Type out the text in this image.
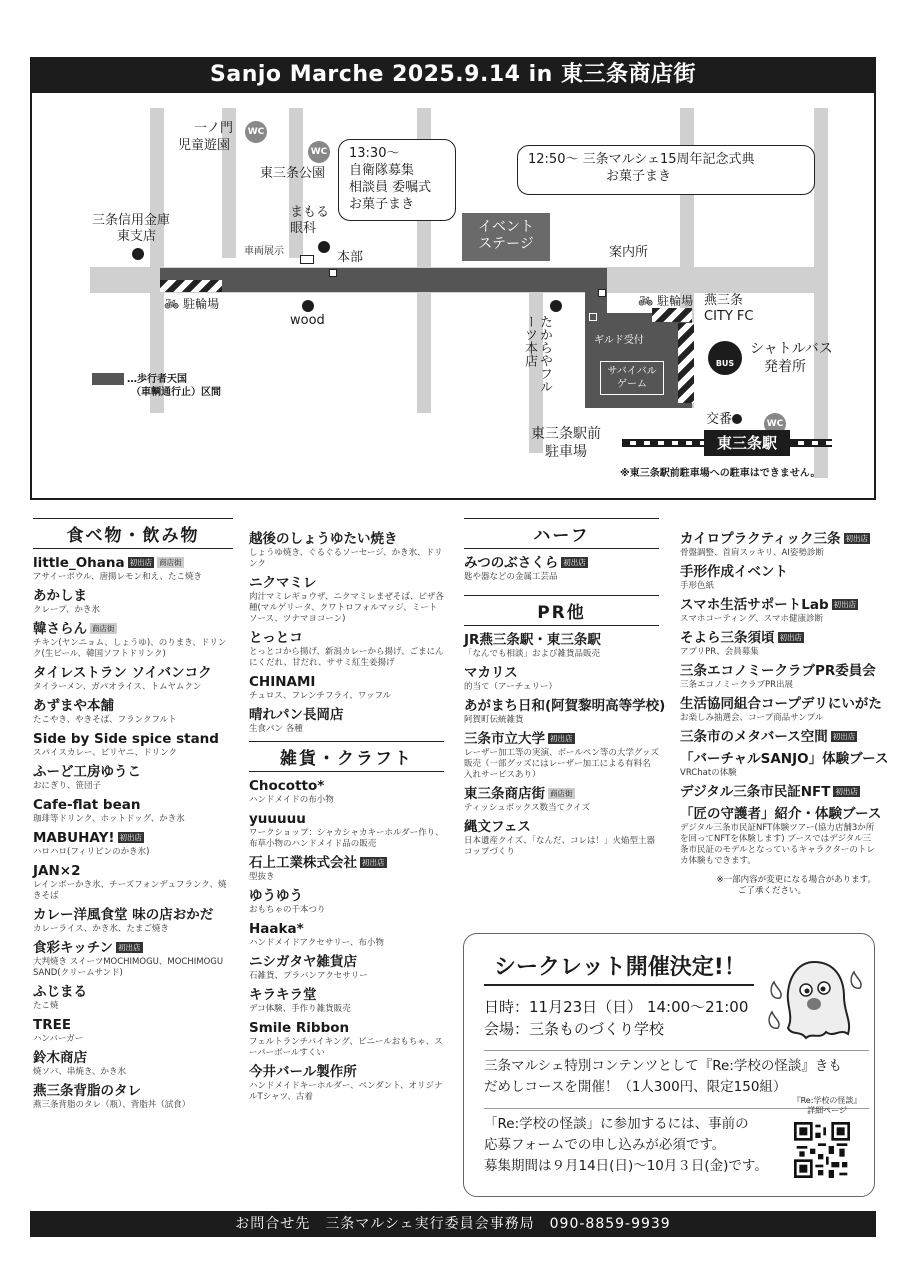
Sanjo Marche 2025.9.14 in 東三条商店街
イベント
ステージ
13:30〜
自衛隊募集
相談員 委嘱式
お菓子まき
12:50〜 三条マルシェ15周年記念式典
お菓子まき
一ノ門
児童遊園
WC
WC
東三条公園
三条信用金庫
東支店
まもる
眼科
車両展示	本部	案内所
🚲︎ 駐輪場	🚲︎ 駐輪場
wood	たからやフルーツ本店	ギルド受付
サバイバル
ゲーム
燕三条
CITY FC
BUS
シャトルバス
発着所
交番	WC
東三条駅
東三条駅前
駐車場
※東三条駅前駐車場への駐車はできません。
…歩行者天国
（車輌通行止）区間
食べ物・飲み物
little_Ohana 初出店 商店街
アサイーボウル、唐揚レモン和え、たこ焼き
あかしま
クレープ、かき氷
韓さらん 商店街
チキン(ヤンニョム、しょうゆ)、のりまき、ドリンク(生ビール、韓国ソフトドリンク)
タイレストラン ソイバンコク
タイラーメン、ガパオライス、トムヤムクン
あずまや本舗
たこやき、やきそば、フランクフルト
Side by Side spice stand
スパイスカレー、ビリヤニ、ドリンク
ふーど工房ゆうこ
おにぎり、笹団子
Cafe-flat bean
珈琲等ドリンク、ホットドッグ、かき氷
MABUHAY! 初出店
ハロハロ(フィリピンのかき氷)
JAN×2
レインボーかき氷、チーズフォンデュフランク、焼きそば
カレー洋風食堂 味の店おかだ
カレーライス、かき氷、たまご焼き
食彩キッチン 初出店
大判焼き スイーツMOCHIMOGU、MOCHIMOGU SAND(クリームサンド)
ふじまる
たこ焼
TREE
ハンバーガー
鈴木商店
焼ソバ、串焼き、かき氷
燕三条背脂のタレ
燕三条背脂のタレ（瓶）、背脂丼（試食）
越後のしょうゆたい焼き
しょうゆ焼き、ぐるぐるソーセージ、かき氷、ドリンク
ニクマミレ
肉汁マミレギョウザ、ニクマミレまぜそば、ピザ各種(マルゲリータ、クワトロフォルマッジ、ミートソース、ツナマヨコーン)
とっとコ
とっとコから揚げ、新潟カレーから揚げ、ごまにんにくだれ、甘だれ、ササミ紅生姜揚げ
CHINAMI
チュロス、フレンチフライ、ワッフル
晴れパン長岡店
生食パン 各種
雑貨・クラフト
Chocotto*
ハンドメイドの布小物
yuuuuu
ワークショップ：シャカシャカキーホルダー作り、布草小物のハンドメイド品の販売
石上工業株式会社 初出店
型抜き
ゆうゆう
おもちゃの千本つり
Haaka*
ハンドメイドアクセサリー、布小物
ニシガタヤ雑貨店
石雑貨、プラバンアクセサリー
キラキラ堂
デコ体験、手作り雑貨販売
Smile Ribbon
フェルトランチバイキング、ビニールおもちゃ、スーパーボールすくい
今井バール製作所
ハンドメイドキーホルダー、ペンダント、オリジナルTシャツ、古着
ハーフ
みつのぶさくら 初出店
匙や器などの金属工芸品
PR他
JR燕三条駅・東三条駅
「なんでも相談」および雑貨品販売
マカリス
的当て（アーチェリー）
あがまち日和(阿賀黎明高等学校)
阿賀町伝統雑貨
三条市立大学 初出店
レーザー加工等の実演、ボールペン等の大学グッズ販売（一部グッズにはレーザー加工による有料名入れサービスあり）
東三条商店街 商店街
ティッシュボックス数当てクイズ
縄文フェス
日本遺産クイズ、「なんだ、コレは！」火焔型土器コップづくり
カイロプラクティック三条 初出店
骨盤調整、首肩スッキリ、AI姿勢診断
手形作成イベント
手形色紙
スマホ生活サポートLab 初出店
スマホコーティング、スマホ健康診断
そよら三条須頃 初出店
アプリPR、会員募集
三条エコノミークラブPR委員会
三条エコノミークラブPR出展
生活協同組合コープデリにいがた
お楽しみ抽選会、コープ商品サンプル
三条市のメタバース空間 初出店
「バーチャルSANJO」体験ブース
VRChatの体験
デジタル三条市民証NFT 初出店
「匠の守護者」紹介・体験ブース
デジタル三条市民証NFT体験ツアー(協力店舗3か所を回ってNFTを体験します) ブースではデジタル三条市民証のモデルとなっているキャラクターのトレカ体験もできます。
※一部内容が変更になる場合があります。
ご了承ください。
シークレット開催決定!！
日時：11月23日（日） 14:00〜21:00
会場：三条ものづくり学校
三条マルシェ特別コンテンツとして『Re:学校の怪談』きも
だめしコースを開催！（1人300円、限定150組）
「Re:学校の怪談」に参加するには、事前の
応募フォームでの申し込みが必須です。
募集期間は９月14日(日)〜10月３日(金)です。
『Re:学校の怪談』
詳細ページ
お問合せ先　三条マルシェ実行委員会事務局　090-8859-9939
